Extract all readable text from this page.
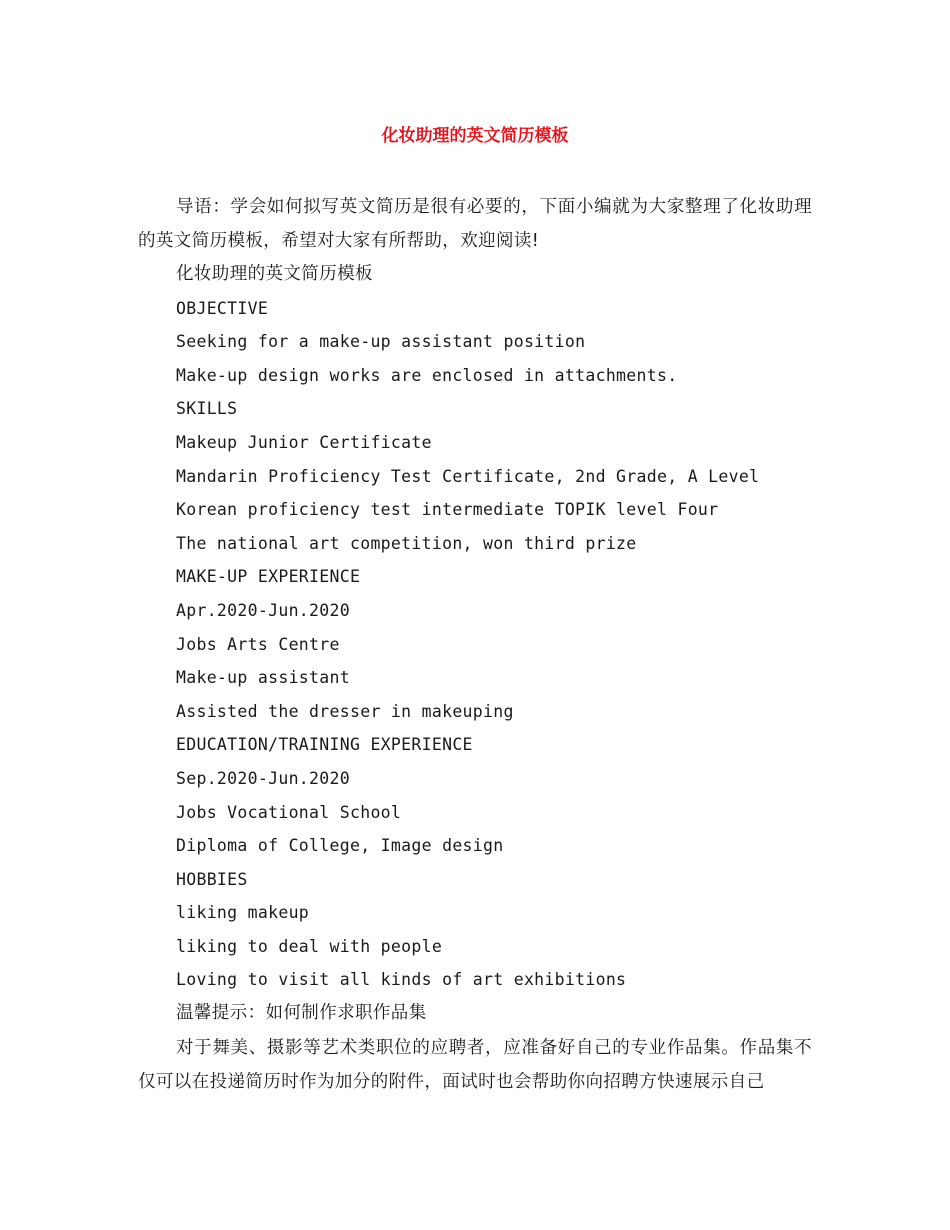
化妆助理的英文简历模板

导语：学会如何拟写英文简历是很有必要的，下面小编就为大家整理了化妆助理的英文简历模板，希望对大家有所帮助，欢迎阅读!

化妆助理的英文简历模板

OBJECTIVE

Seeking for a make-up assistant position

Make-up design works are enclosed in attachments.

SKILLS

Makeup Junior Certificate

Mandarin Proficiency Test Certificate, 2nd Grade, A Level

Korean proficiency test intermediate TOPIK level Four

The national art competition, won third prize

MAKE-UP EXPERIENCE

Apr.2020-Jun.2020

Jobs Arts Centre

Make-up assistant

Assisted the dresser in makeuping

EDUCATION/TRAINING EXPERIENCE

Sep.2020-Jun.2020

Jobs Vocational School

Diploma of College, Image design

HOBBIES

liking makeup

liking to deal with people

Loving to visit all kinds of art exhibitions

温馨提示：如何制作求职作品集

对于舞美、摄影等艺术类职位的应聘者，应准备好自己的专业作品集。作品集不仅可以在投递简历时作为加分的附件，面试时也会帮助你向招聘方快速展示自己
